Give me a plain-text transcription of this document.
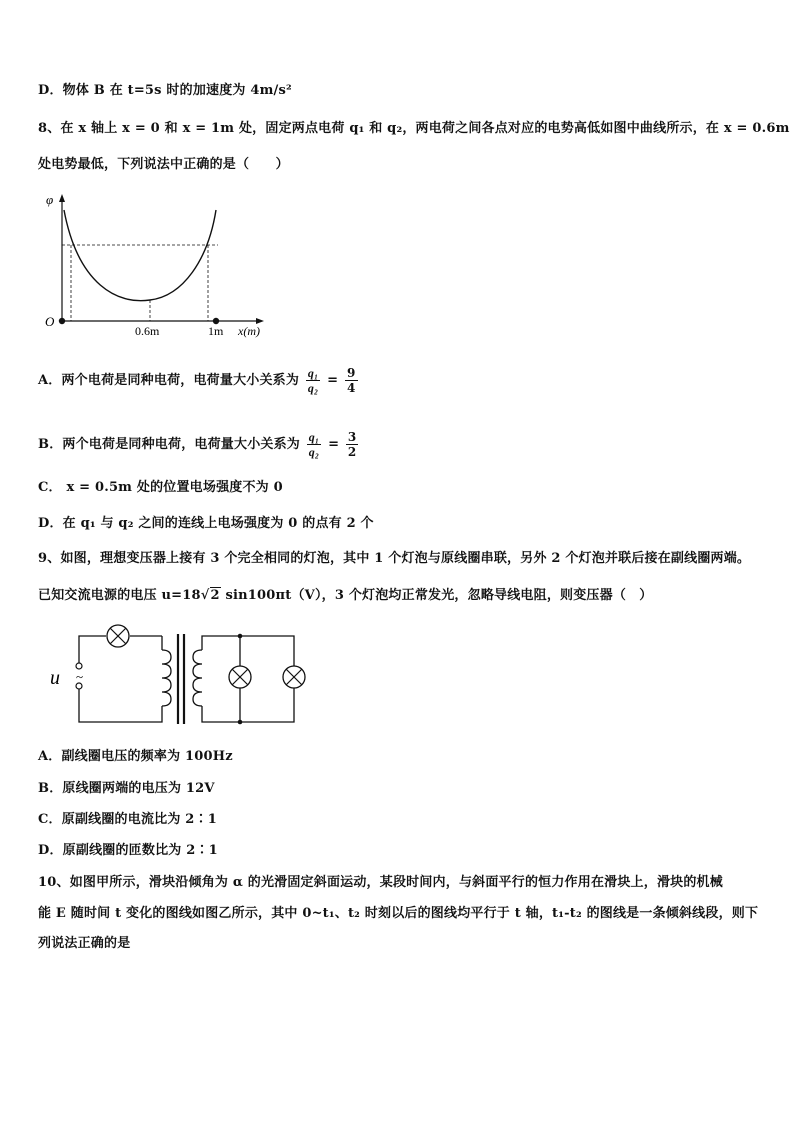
D．物体 B 在 t=5s 时的加速度为 4m/s²
8、在 x 轴上 x = 0 和 x = 1m 处，固定两点电荷 q₁ 和 q₂，两电荷之间各点对应的电势高低如图中曲线所示，在 x = 0.6m
处电势最低，下列说法中正确的是（　　）
φ
O
0.6m	1m x(m)
A．两个电荷是同种电荷，电荷量大小关系为 $\frac{\text{q₁}}{\text{q₂}} = \frac{9}{4}$
B．两个电荷是同种电荷，电荷量大小关系为 $\frac{\text{q₁}}{\text{q₂}} = \frac{3}{2}$
C． x = 0.5m 处的位置电场强度不为 0
D．在 q₁ 与 q₂ 之间的连线上电场强度为 0 的点有 2 个
9、如图，理想变压器上接有 3 个完全相同的灯泡，其中 1 个灯泡与原线圈串联，另外 2 个灯泡并联后接在副线圈两端。
已知交流电源的电压 u=18√2 sin100πt（V），3 个灯泡均正常发光，忽略导线电阻，则变压器（　）
u ~
A．副线圈电压的频率为 100Hz
B．原线圈两端的电压为 12V
C．原副线圈的电流比为 2∶1
D．原副线圈的匝数比为 2∶1
10、如图甲所示，滑块沿倾角为 α 的光滑固定斜面运动，某段时间内，与斜面平行的恒力作用在滑块上，滑块的机械
能 E 随时间 t 变化的图线如图乙所示，其中 0~t₁、t₂ 时刻以后的图线均平行于 t 轴，t₁-t₂ 的图线是一条倾斜线段，则下
列说法正确的是
